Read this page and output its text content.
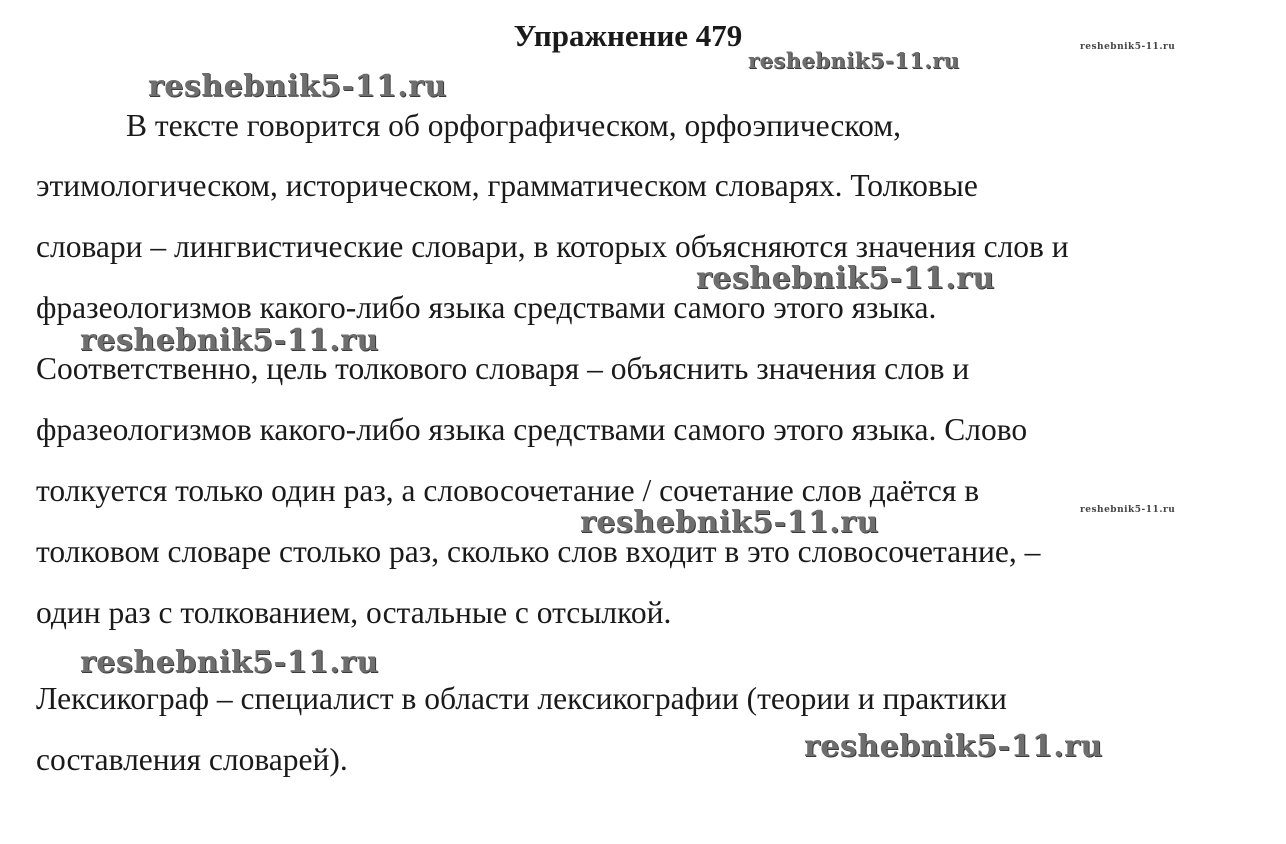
Упражнение 479
В тексте говорится об орфографическом, орфоэпическом,
этимологическом, историческом, грамматическом словарях. Толковые
словари – лингвистические словари, в которых объясняются значения слов и
фразеологизмов какого-либо языка средствами самого этого языка.
Соответственно, цель толкового словаря – объяснить значения слов и
фразеологизмов какого-либо языка средствами самого этого языка. Слово
толкуется только один раз, а словосочетание / сочетание слов даётся в
толковом словаре столько раз, сколько слов входит в это словосочетание, –
один раз с толкованием, остальные с отсылкой.
Лексикограф – специалист в области лексикографии (теории и практики
составления словарей).
reshebnik5-11.ru
reshebnik5-11.ru
reshebnik5-11.ru
reshebnik5-11.ru
reshebnik5-11.ru
reshebnik5-11.ru
reshebnik5-11.ru
reshebnik5-11.ru
reshebnik5-11.ru
